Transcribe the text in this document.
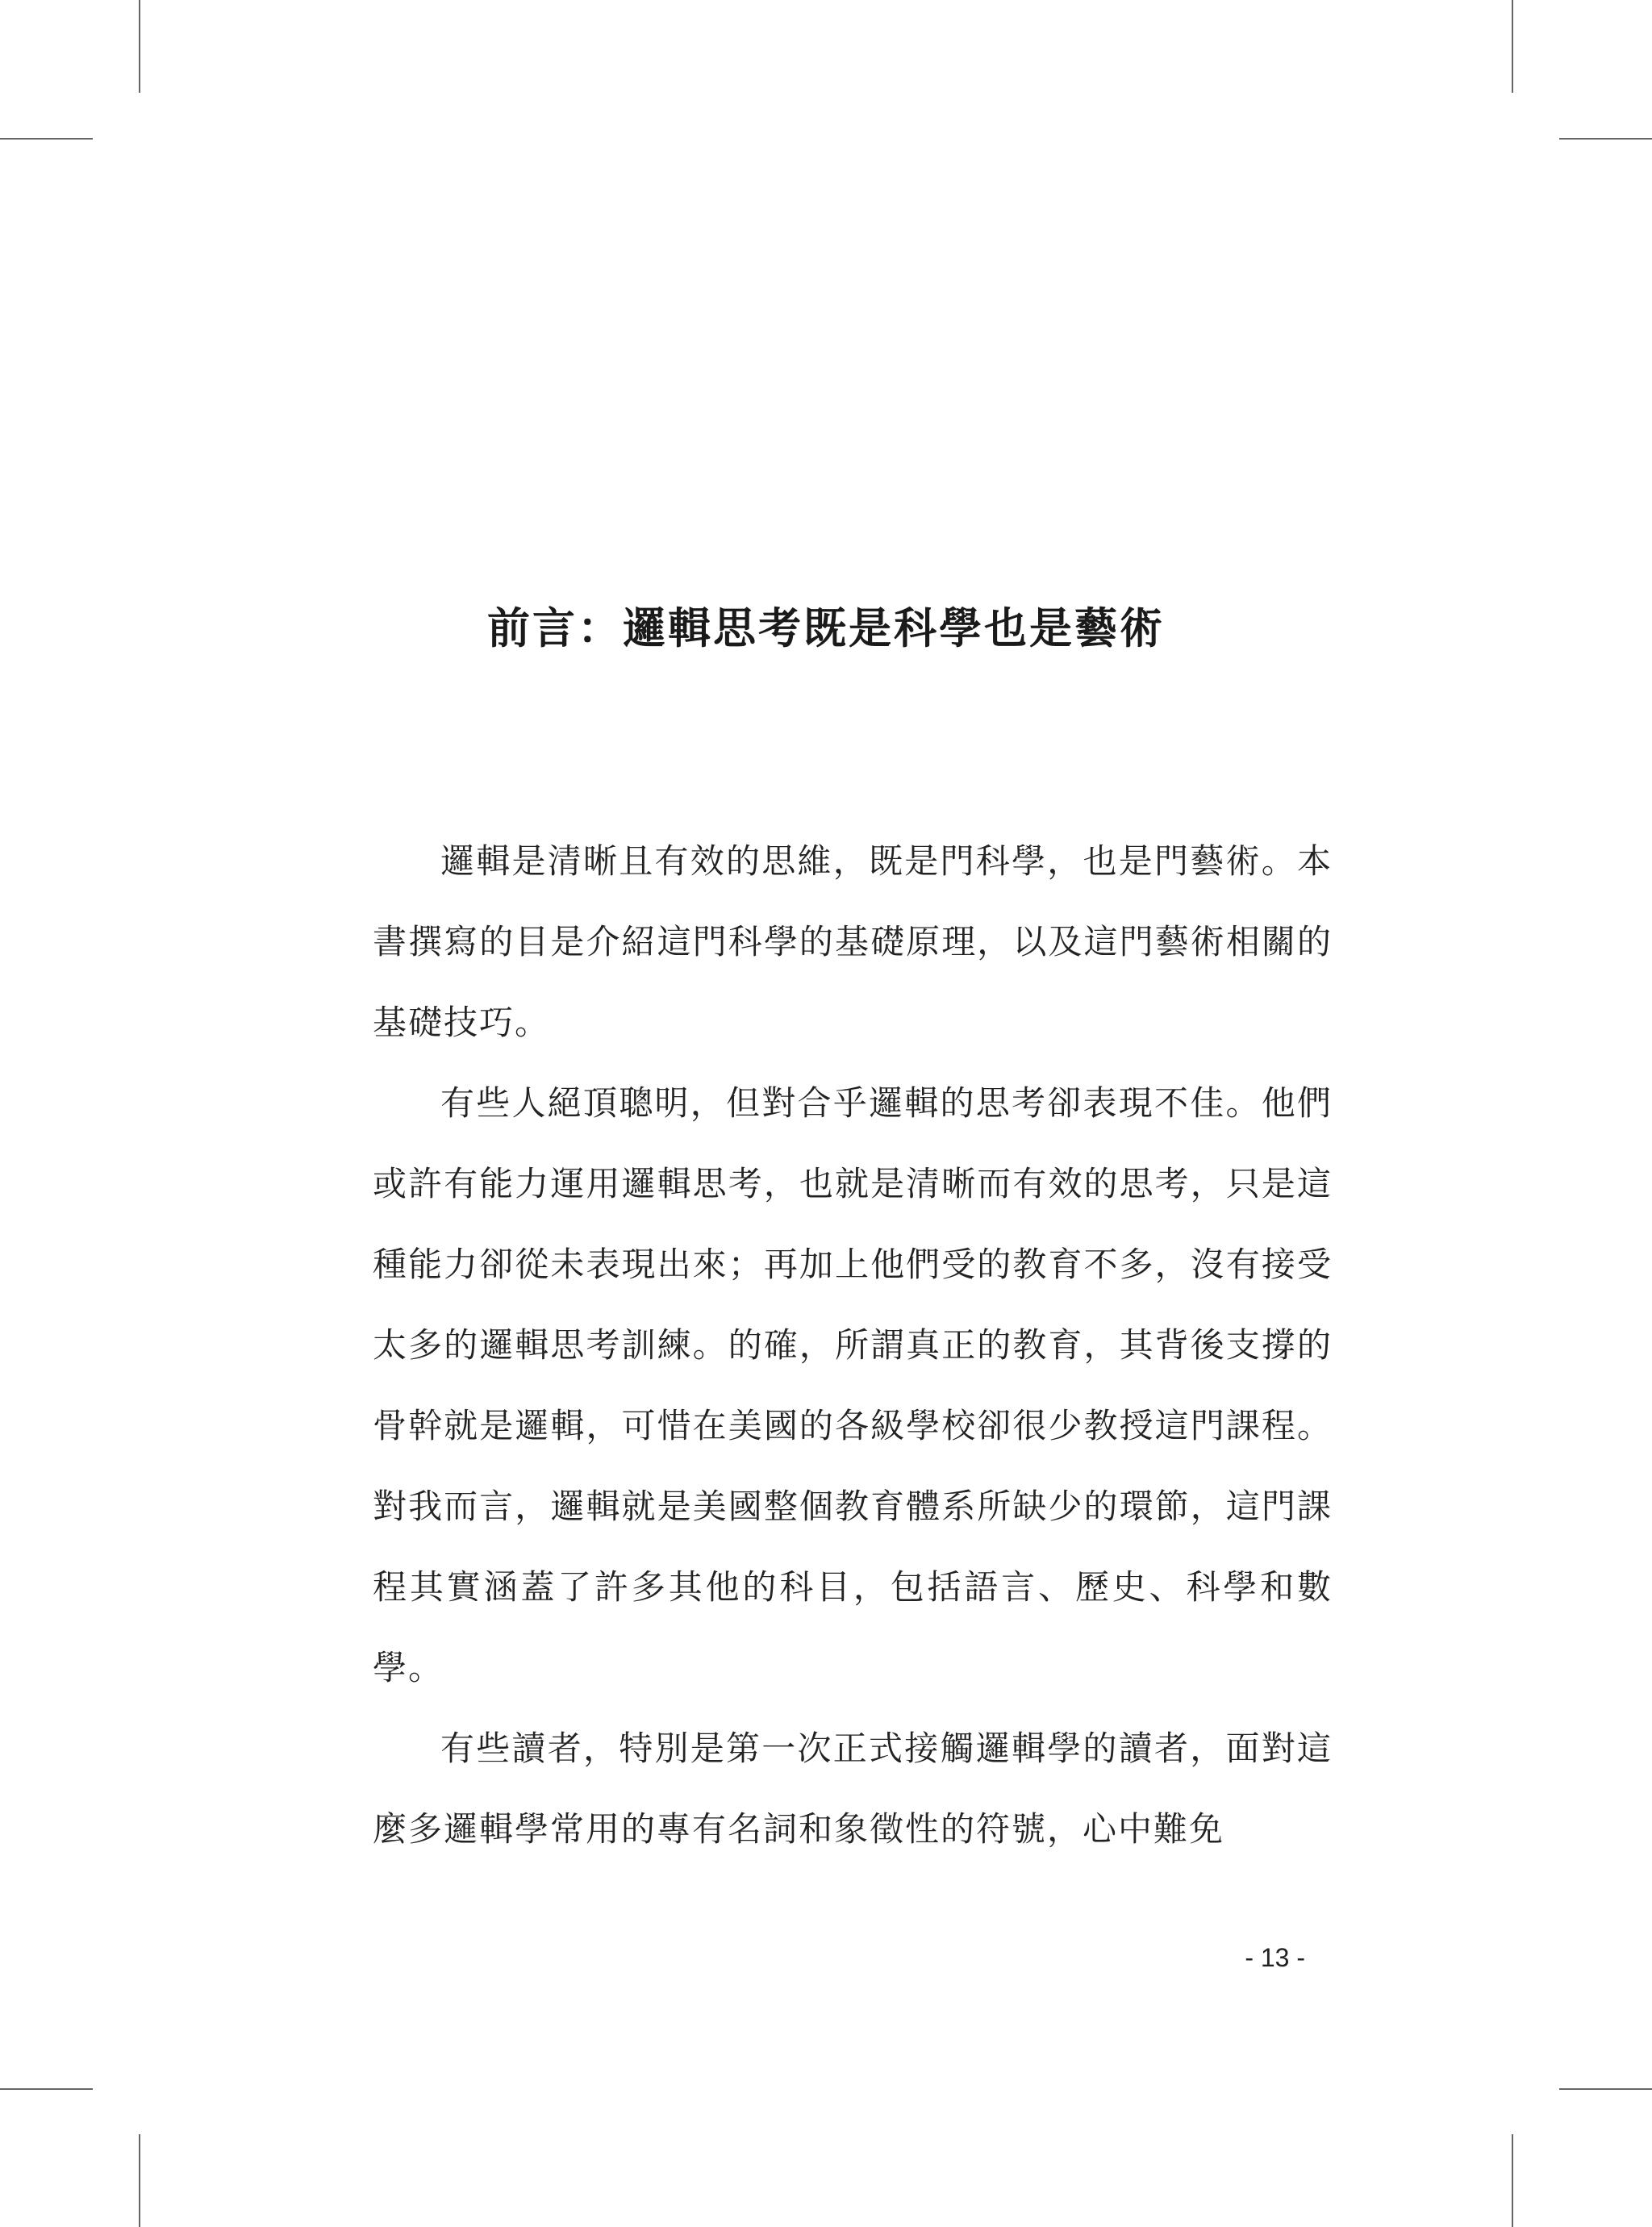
前言：邏輯思考既是科學也是藝術

邏輯是清晰且有效的思維，既是門科學，也是門藝術。本書撰寫的目是介紹這門科學的基礎原理，以及這門藝術相關的基礎技巧。

有些人絕頂聰明，但對合乎邏輯的思考卻表現不佳。他們或許有能力運用邏輯思考，也就是清晰而有效的思考，只是這種能力卻從未表現出來；再加上他們受的教育不多，沒有接受太多的邏輯思考訓練。的確，所謂真正的教育，其背後支撐的骨幹就是邏輯，可惜在美國的各級學校卻很少教授這門課程。對我而言，邏輯就是美國整個教育體系所缺少的環節，這門課程其實涵蓋了許多其他的科目，包括語言、歷史、科學和數學。

有些讀者，特別是第一次正式接觸邏輯學的讀者，面對這麼多邏輯學常用的專有名詞和象徵性的符號，心中難免

- 13 -
